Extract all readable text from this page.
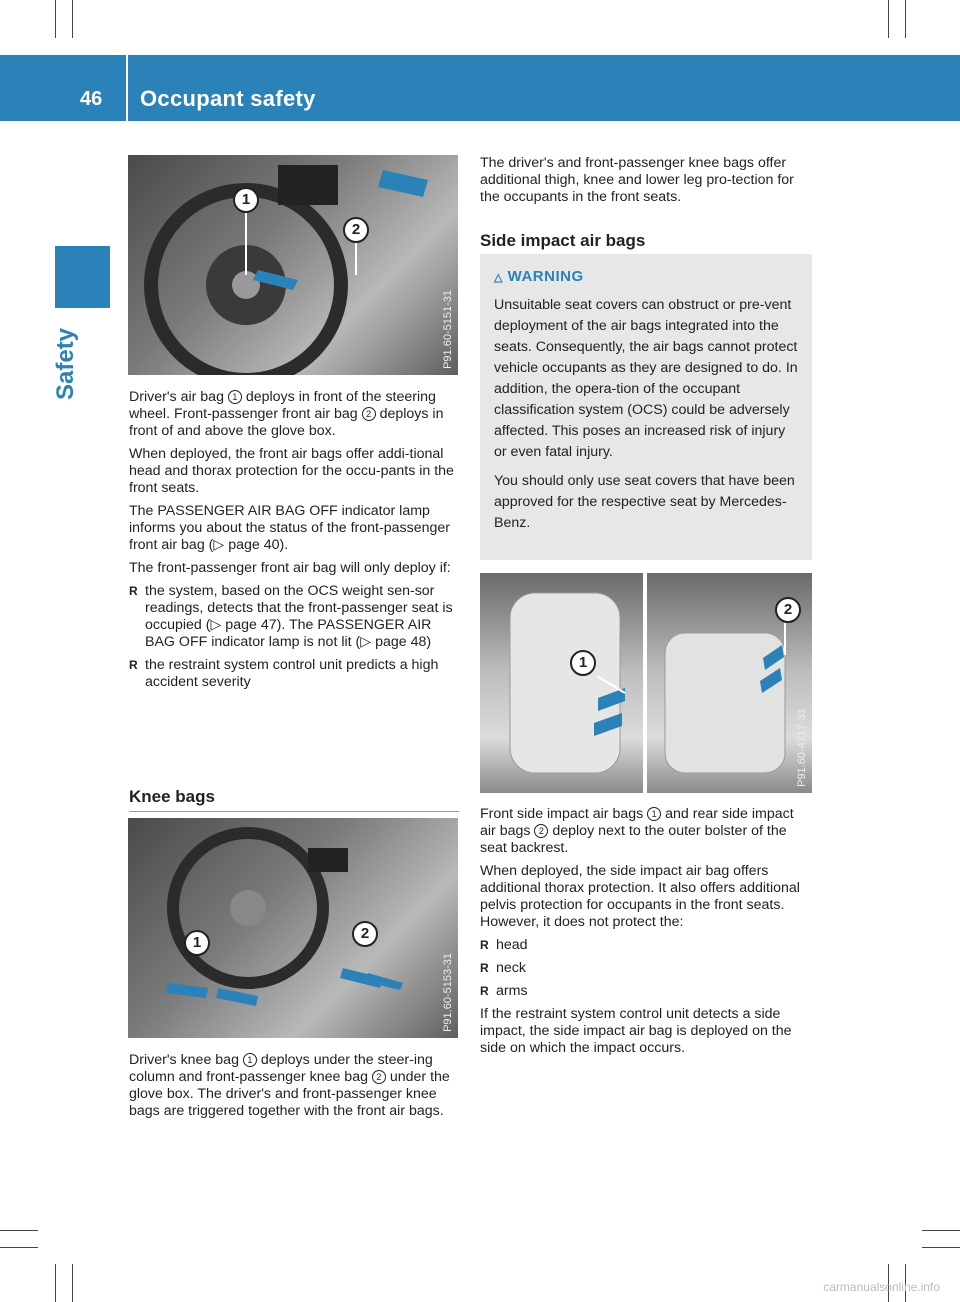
46 Occupant safety
Safety
1
2
P91.60-5151-31

Driver's air bag 1 deploys in front of the steering wheel. Front-passenger front air bag 2 deploys in front of and above the glove box.

When deployed, the front air bags offer addi-tional head and thorax protection for the occu-pants in the front seats.

The PASSENGER AIR BAG OFF indicator lamp informs you about the status of the front-passenger front air bag (▷ page 40).

The front-passenger front air bag will only deploy if:

R the system, based on the OCS weight sen-sor readings, detects that the front-passenger seat is occupied (▷ page 47). The PASSENGER AIR BAG OFF indicator lamp is not lit (▷ page 48)
R the restraint system control unit predicts a high accident severity
Knee bags
1
2
P91.60-5153-31

Driver's knee bag 1 deploys under the steer-ing column and front-passenger knee bag 2 under the glove box. The driver's and front-passenger knee bags are triggered together with the front air bags.

The driver's and front-passenger knee bags offer additional thigh, knee and lower leg pro-tection for the occupants in the front seats.

Side impact air bags
△ WARNING

Unsuitable seat covers can obstruct or pre-vent deployment of the air bags integrated into the seats. Consequently, the air bags cannot protect vehicle occupants as they are designed to do. In addition, the opera-tion of the occupant classification system (OCS) could be adversely affected. This poses an increased risk of injury or even fatal injury.

You should only use seat covers that have been approved for the respective seat by Mercedes-Benz.

1
2
P91.60-4717-31

Front side impact air bags 1 and rear side impact air bags 2 deploy next to the outer bolster of the seat backrest.

When deployed, the side impact air bag offers additional thorax protection. It also offers additional pelvis protection for occupants in the front seats. However, it does not protect the:

R head
R neck
R arms

If the restraint system control unit detects a side impact, the side impact air bag is deployed on the side on which the impact occurs.

carmanualsonline.info
